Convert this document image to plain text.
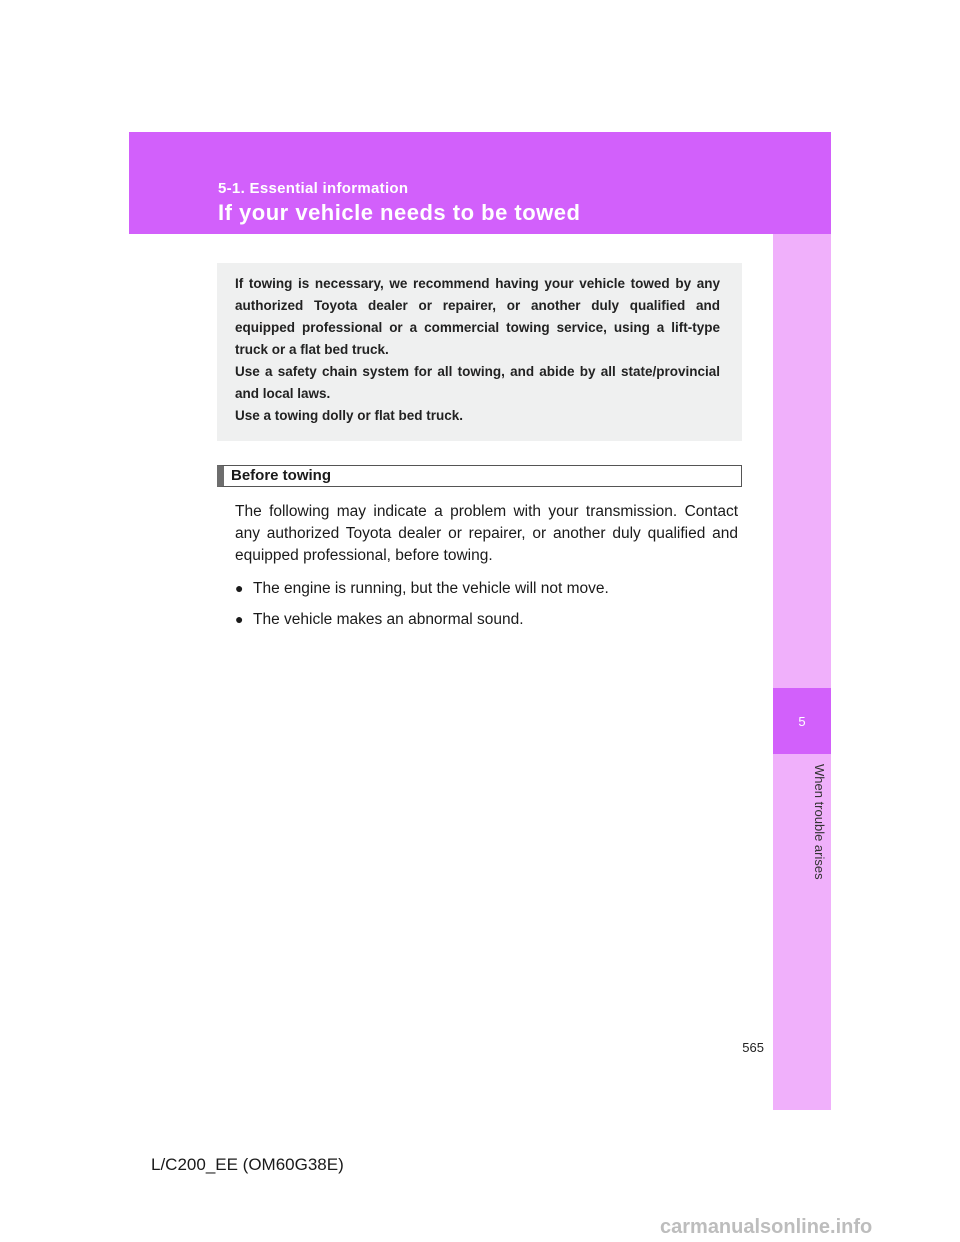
5-1. Essential information
If your vehicle needs to be towed
5
When trouble arises
If towing is necessary, we recommend having your vehicle towed by any authorized Toyota dealer or repairer, or another duly qualified and equipped professional or a commercial towing service, using a lift-type truck or a flat bed truck.
Use a safety chain system for all towing, and abide by all state/provincial and local laws.
Use a towing dolly or flat bed truck.
Before towing
The following may indicate a problem with your transmission. Contact any authorized Toyota dealer or repairer, or another duly qualified and equipped professional, before towing.
● The engine is running, but the vehicle will not move.
● The vehicle makes an abnormal sound.
565
L/C200_EE (OM60G38E)
carmanualsonline.info
